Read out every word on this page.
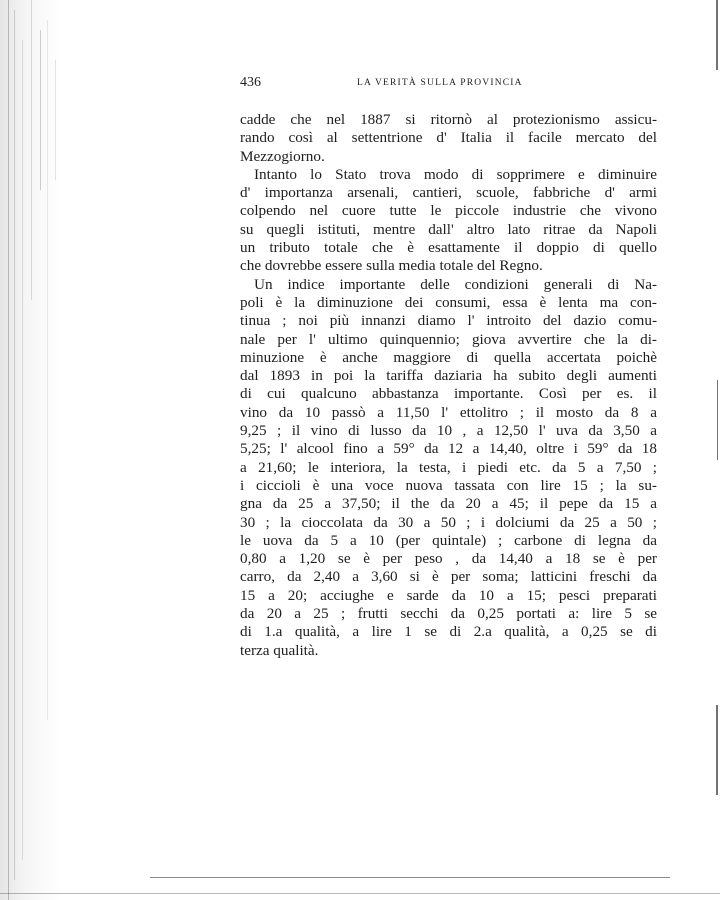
436	LA VERITÀ SULLA PROVINCIA
cadde che nel 1887 si ritornò al protezionismo assicu-
rando così al settentrione d' Italia il facile mercato del
Mezzogiorno.
Intanto lo Stato trova modo di sopprimere e diminuire
d' importanza arsenali, cantieri, scuole, fabbriche d' armi
colpendo nel cuore tutte le piccole industrie che vivono
su quegli istituti, mentre dall' altro lato ritrae da Napoli
un tributo totale che è esattamente il doppio di quello
che dovrebbe essere sulla media totale del Regno.
Un indice importante delle condizioni generali di Na-
poli è la diminuzione dei consumi, essa è lenta ma con-
tinua ; noi più innanzi diamo l' introito del dazio comu-
nale per l' ultimo quinquennio; giova avvertire che la di-
minuzione è anche maggiore di quella accertata poichè
dal 1893 in poi la tariffa daziaria ha subito degli aumenti
di cui qualcuno abbastanza importante. Così per es. il
vino da 10 passò a 11,50 l' ettolitro ; il mosto da 8 a
9,25 ; il vino di lusso da 10 , a 12,50 l' uva da 3,50 a
5,25; l' alcool fino a 59° da 12 a 14,40, oltre i 59° da 18
a 21,60; le interiora, la testa, i piedi etc. da 5 a 7,50 ;
i ciccioli è una voce nuova tassata con lire 15 ; la su-
gna da 25 a 37,50; il the da 20 a 45; il pepe da 15 a
30 ; la cioccolata da 30 a 50 ; i dolciumi da 25 a 50 ;
le uova da 5 a 10 (per quintale) ; carbone di legna da
0,80 a 1,20 se è per peso , da 14,40 a 18 se è per
carro, da 2,40 a 3,60 si è per soma; latticini freschi da
15 a 20; acciughe e sarde da 10 a 15; pesci preparati
da 20 a 25 ; frutti secchi da 0,25 portati a: lire 5 se
di 1.a qualità, a lire 1 se di 2.a qualità, a 0,25 se di
terza qualità.
